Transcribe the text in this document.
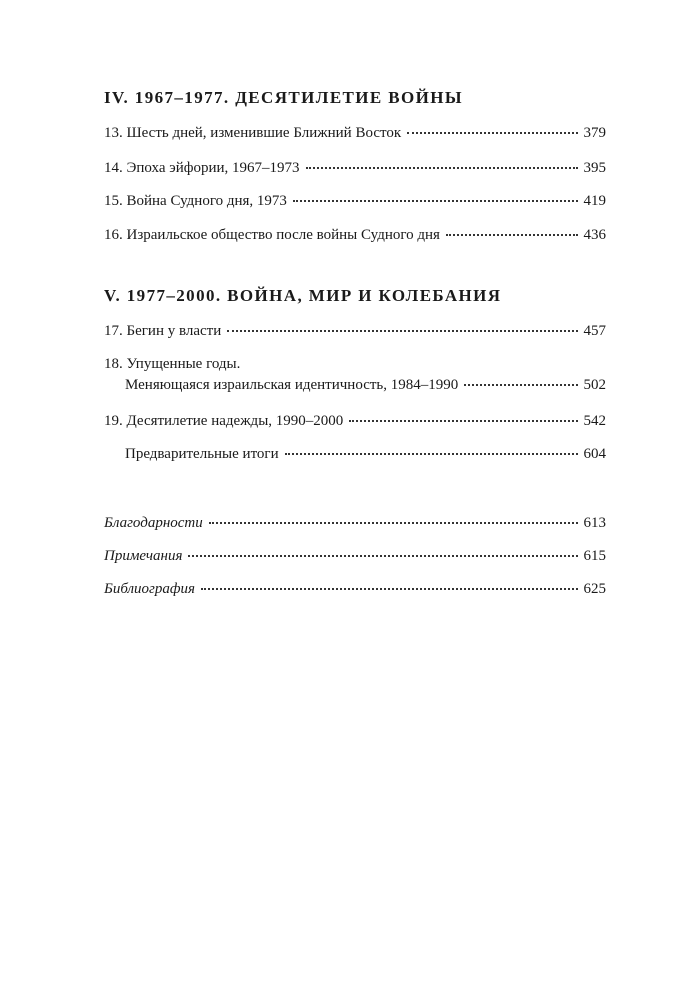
IV. 1967–1977. ДЕСЯТИЛЕТИЕ ВОЙНЫ
13. Шесть дней, изменившие Ближний Восток	379
14. Эпоха эйфории, 1967–1973	395
15. Война Судного дня, 1973	419
16. Израильское общество после войны Судного дня	436
V. 1977–2000. ВОЙНА, МИР И КОЛЕБАНИЯ
17. Бегин у власти	457
18. Упущенные годы.
Меняющаяся израильская идентичность, 1984–1990	502
19. Десятилетие надежды, 1990–2000	542
Предварительные итоги	604
Благодарности	613
Примечания	615
Библиография	625
